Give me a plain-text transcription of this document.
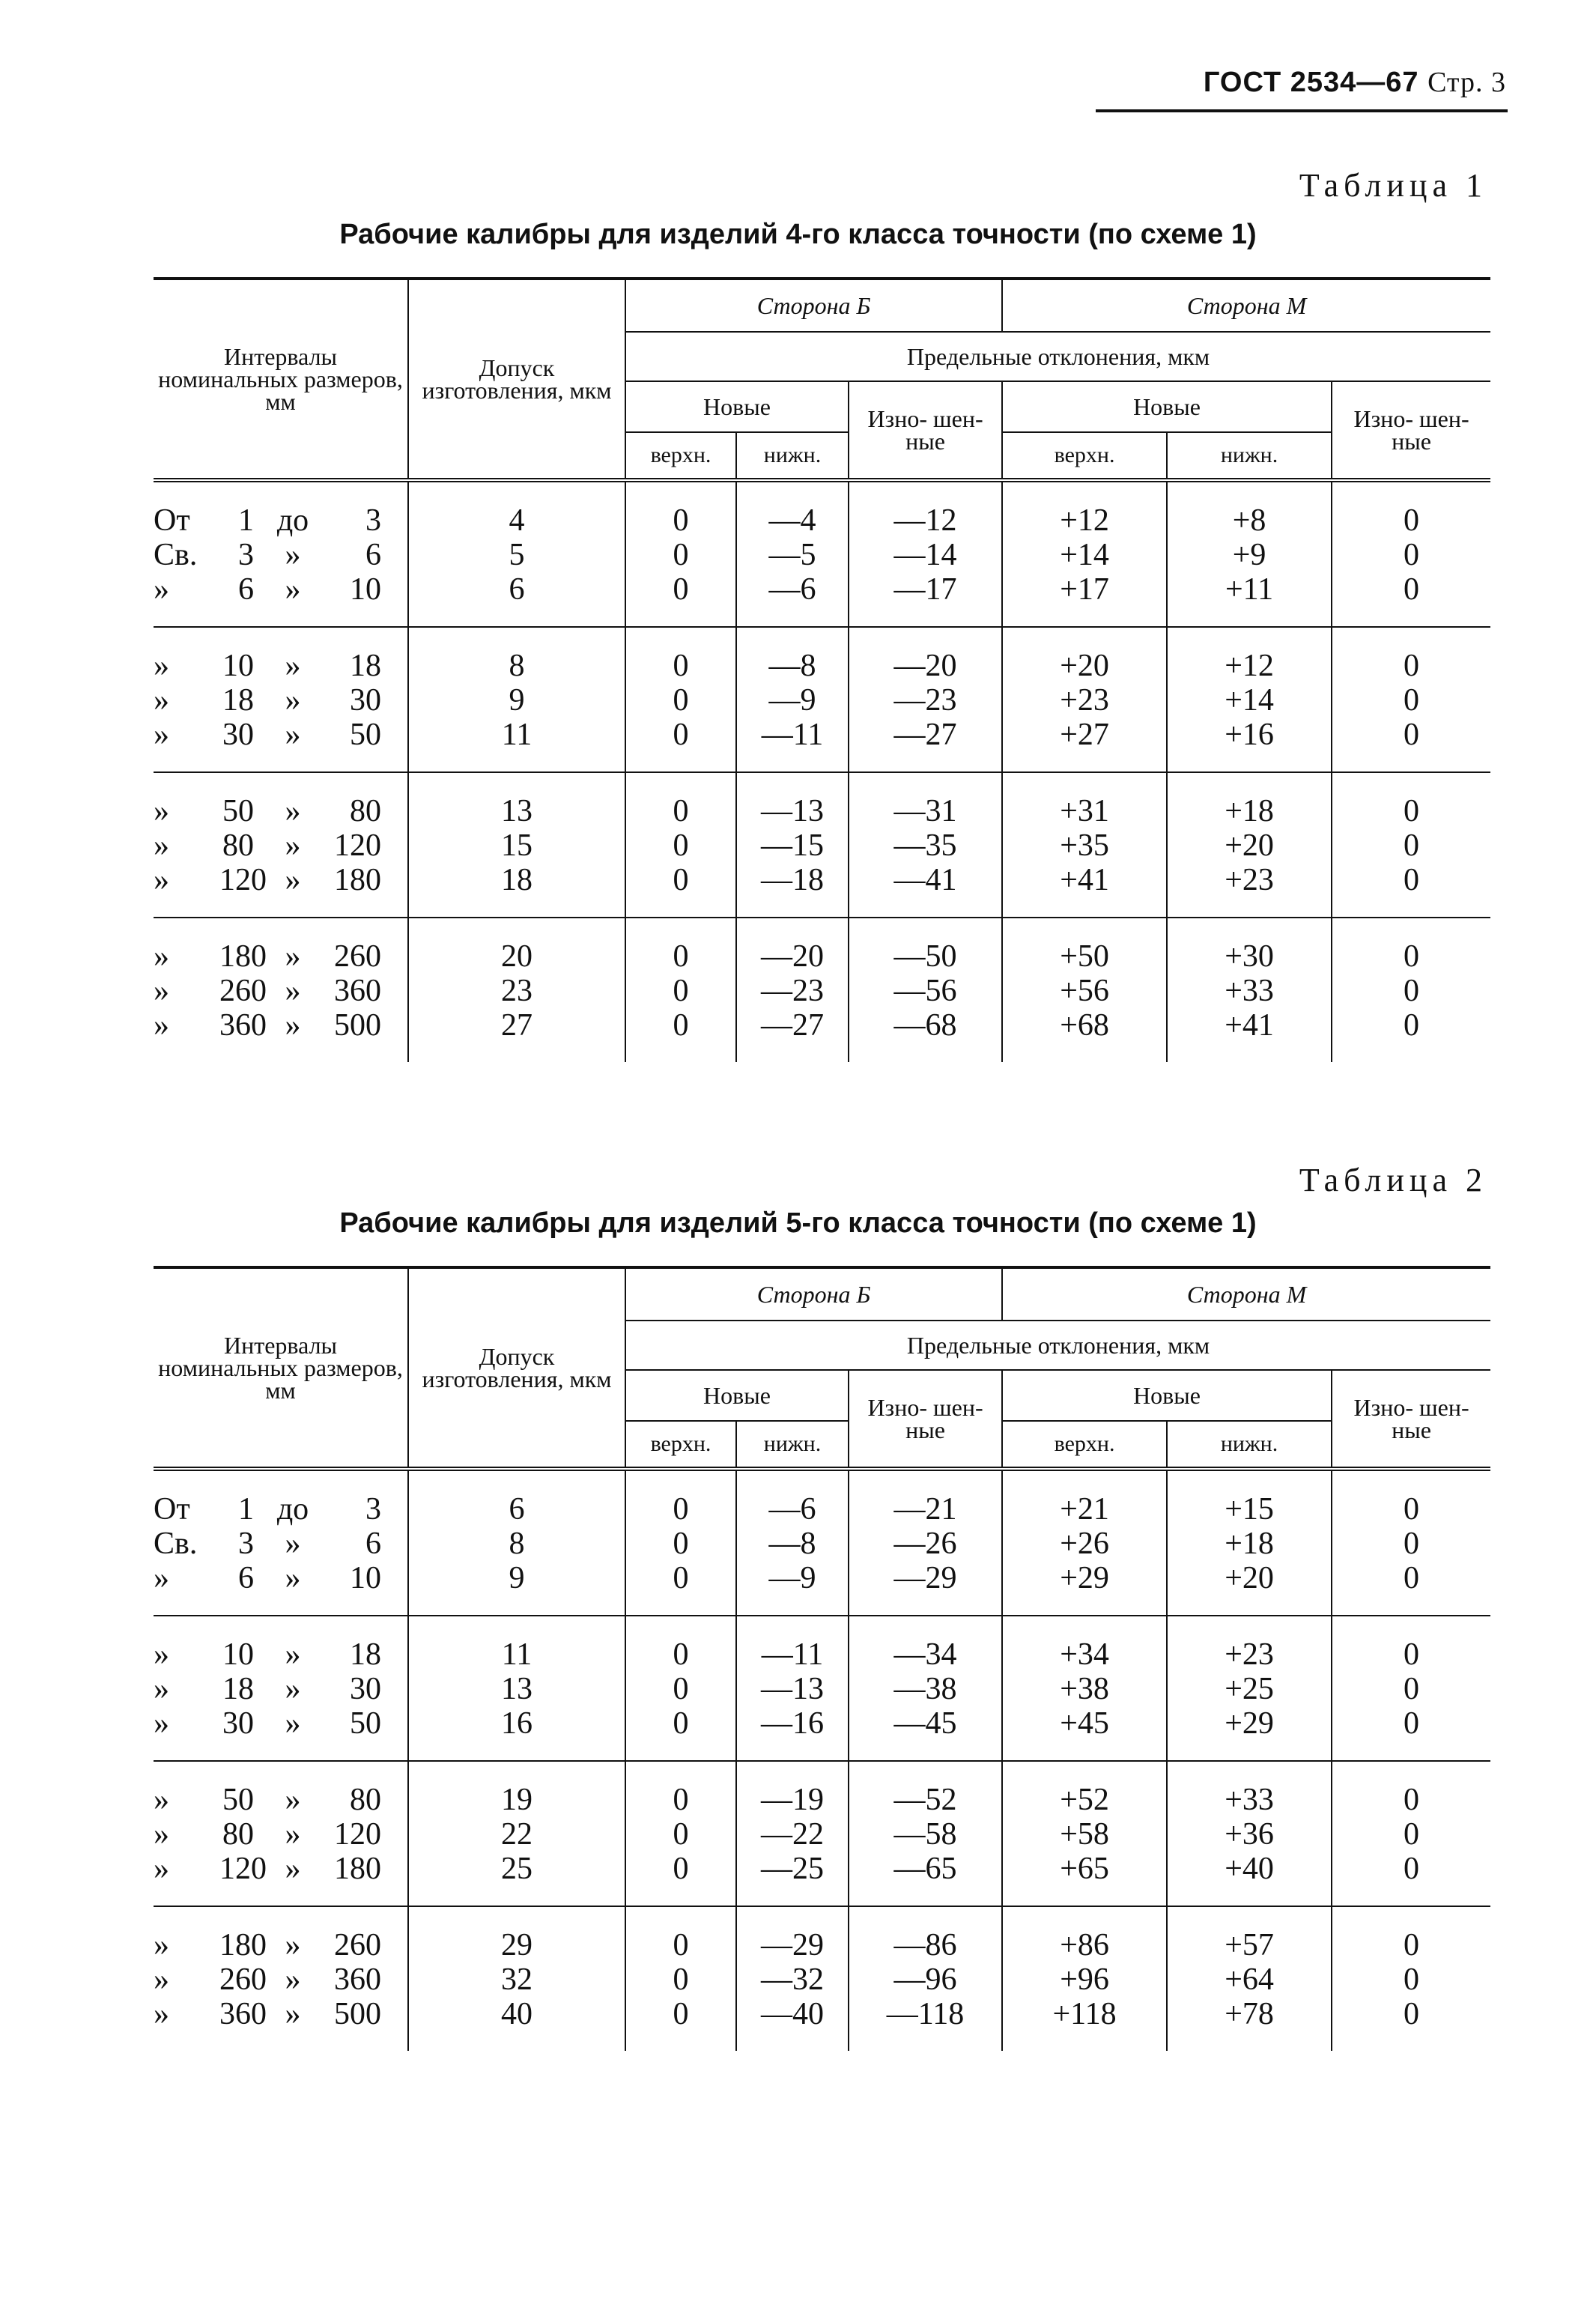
ГОСТ 2534—67 Стр. 3
Таблица 1
Рабочие калибры для изделий 4-го класса точности (по схеме 1)
Интервалы номинальных размеров, мм	Допуск изготовления, мкм	Сторона Б			Сторона М		
		Предельные отклонения, мкм					
		Новые		Изно- шен- ные	Новые		Изно- шен- ные
		верхн.	нижн.		верхн.	нижн.	

От 1 до 3	4	0	—4	—12	+12	+8	0

Св. 3 » 6	5	0	—5	—14	+14	+9	0

» 6 » 10	6	0	—6	—17	+17	+11	0

» 10 » 18	8	0	—8	—20	+20	+12	0

» 18 » 30	9	0	—9	—23	+23	+14	0

» 30 » 50	11	0	—11	—27	+27	+16	0

» 50 » 80	13	0	—13	—31	+31	+18	0

» 80 » 120	15	0	—15	—35	+35	+20	0

» 120 » 180	18	0	—18	—41	+41	+23	0

» 180 » 260	20	0	—20	—50	+50	+30	0

» 260 » 360	23	0	—23	—56	+56	+33	0

» 360 » 500	27	0	—27	—68	+68	+41	0
Таблица 2
Рабочие калибры для изделий 5-го класса точности (по схеме 1)
Интервалы номинальных размеров, мм	Допуск изготовления, мкм	Сторона Б			Сторона М		
		Предельные отклонения, мкм					
		Новые		Изно- шен- ные	Новые		Изно- шен- ные
		верхн.	нижн.		верхн.	нижн.	

От 1 до 3	6	0	—6	—21	+21	+15	0

Св. 3 » 6	8	0	—8	—26	+26	+18	0

» 6 » 10	9	0	—9	—29	+29	+20	0

» 10 » 18	11	0	—11	—34	+34	+23	0

» 18 » 30	13	0	—13	—38	+38	+25	0

» 30 » 50	16	0	—16	—45	+45	+29	0

» 50 » 80	19	0	—19	—52	+52	+33	0

» 80 » 120	22	0	—22	—58	+58	+36	0

» 120 » 180	25	0	—25	—65	+65	+40	0

» 180 » 260	29	0	—29	—86	+86	+57	0

» 260 » 360	32	0	—32	—96	+96	+64	0

» 360 » 500	40	0	—40	—118	+118	+78	0
